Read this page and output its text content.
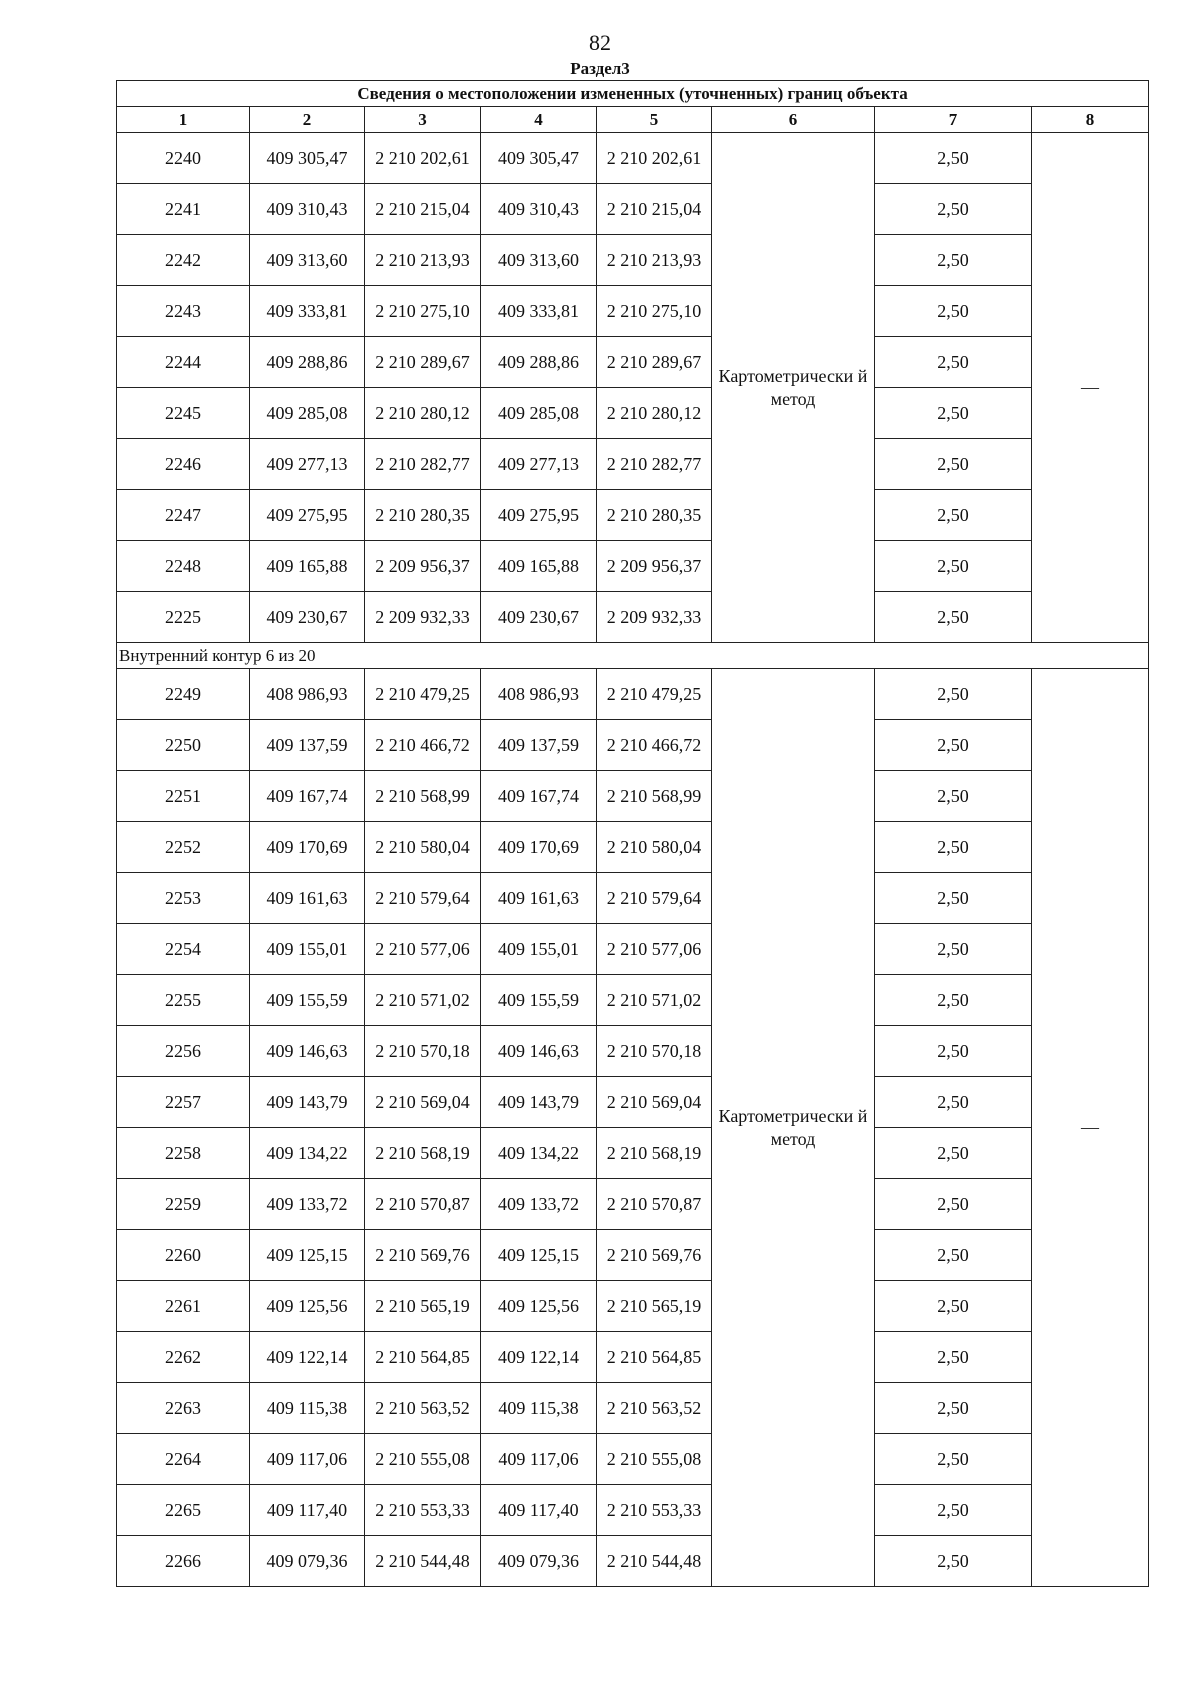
82
Раздел3
Сведения о местоположении измененных (уточненных) границ объекта							
1	2	3	4	5	6	7	8
2240	409 305,47	2 210 202,61	409 305,47	2 210 202,61	Картометрически й метод	2,50	—
2241	409 310,43	2 210 215,04	409 310,43	2 210 215,04		2,50	
2242	409 313,60	2 210 213,93	409 313,60	2 210 213,93		2,50	
2243	409 333,81	2 210 275,10	409 333,81	2 210 275,10		2,50	
2244	409 288,86	2 210 289,67	409 288,86	2 210 289,67		2,50	
2245	409 285,08	2 210 280,12	409 285,08	2 210 280,12		2,50	
2246	409 277,13	2 210 282,77	409 277,13	2 210 282,77		2,50	
2247	409 275,95	2 210 280,35	409 275,95	2 210 280,35		2,50	
2248	409 165,88	2 209 956,37	409 165,88	2 209 956,37		2,50	
2225	409 230,67	2 209 932,33	409 230,67	2 209 932,33		2,50	
Внутренний контур 6 из 20							
2249	408 986,93	2 210 479,25	408 986,93	2 210 479,25	Картометрически й метод	2,50	—
2250	409 137,59	2 210 466,72	409 137,59	2 210 466,72		2,50	
2251	409 167,74	2 210 568,99	409 167,74	2 210 568,99		2,50	
2252	409 170,69	2 210 580,04	409 170,69	2 210 580,04		2,50	
2253	409 161,63	2 210 579,64	409 161,63	2 210 579,64		2,50	
2254	409 155,01	2 210 577,06	409 155,01	2 210 577,06		2,50	
2255	409 155,59	2 210 571,02	409 155,59	2 210 571,02		2,50	
2256	409 146,63	2 210 570,18	409 146,63	2 210 570,18		2,50	
2257	409 143,79	2 210 569,04	409 143,79	2 210 569,04		2,50	
2258	409 134,22	2 210 568,19	409 134,22	2 210 568,19		2,50	
2259	409 133,72	2 210 570,87	409 133,72	2 210 570,87		2,50	
2260	409 125,15	2 210 569,76	409 125,15	2 210 569,76		2,50	
2261	409 125,56	2 210 565,19	409 125,56	2 210 565,19		2,50	
2262	409 122,14	2 210 564,85	409 122,14	2 210 564,85		2,50	
2263	409 115,38	2 210 563,52	409 115,38	2 210 563,52		2,50	
2264	409 117,06	2 210 555,08	409 117,06	2 210 555,08		2,50	
2265	409 117,40	2 210 553,33	409 117,40	2 210 553,33		2,50	
2266	409 079,36	2 210 544,48	409 079,36	2 210 544,48		2,50	
